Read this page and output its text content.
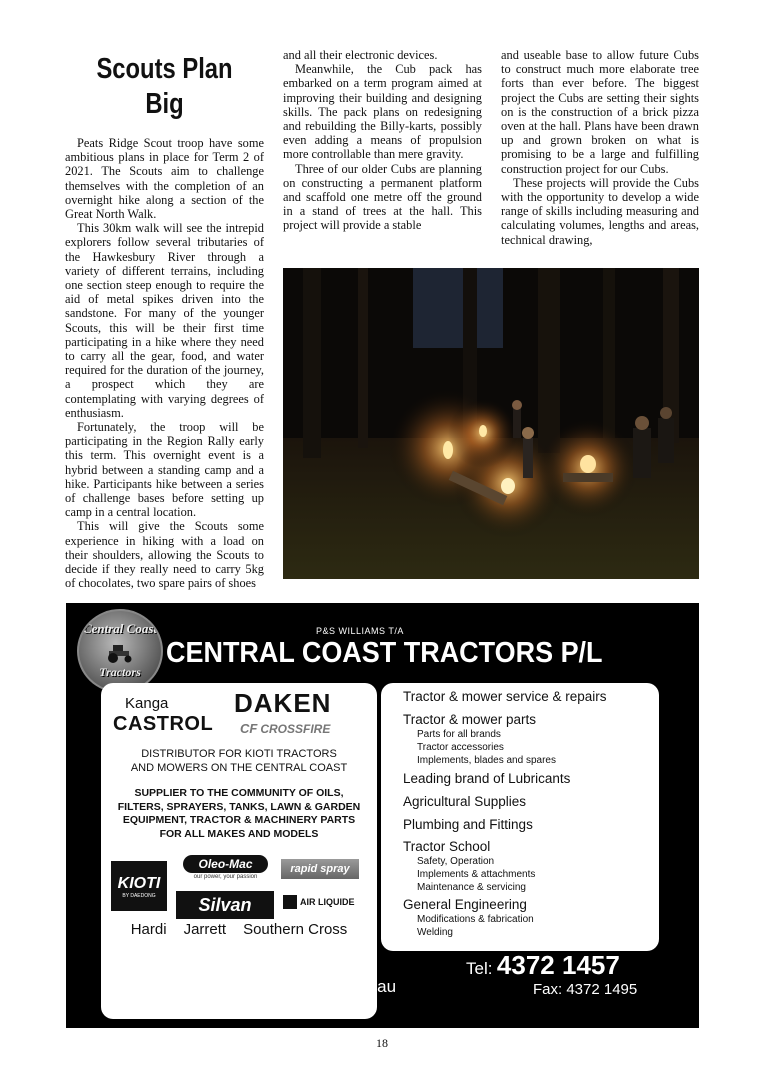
Scouts Plan
Big

Peats Ridge Scout troop have some ambitious plans in place for Term 2 of 2021. The Scouts aim to challenge themselves with the completion of an overnight hike along a section of the Great North Walk.

This 30km walk will see the intrepid explorers follow several tributaries of the Hawkesbury River through a variety of different terrains, including one section steep enough to require the aid of metal spikes driven into the sandstone. For many of the younger Scouts, this will be their first time participating in a hike where they need to carry all the gear, food, and water required for the duration of the journey, a prospect which they are contemplating with varying degrees of enthusiasm.

Fortunately, the troop will be participating in the Region Rally early this term. This overnight event is a hybrid between a standing camp and a hike. Participants hike between a series of challenge bases before setting up camp in a central location.

This will give the Scouts some experience in hiking with a load on their shoulders, allowing the Scouts to decide if they really need to carry 5kg of chocolates, two spare pairs of shoes

and all their electronic devices.

Meanwhile, the Cub pack has embarked on a term program aimed at improving their building and designing skills. The pack plans on redesigning and rebuilding the Billy-karts, possibly even adding a means of propulsion more controllable than mere gravity.

Three of our older Cubs are planning on constructing a permanent platform and scaffold one metre off the ground in a stand of trees at the hall. This project will provide a stable

and useable base to allow future Cubs to construct much more elaborate tree forts than ever before. The biggest project the Cubs are setting their sights on is the construction of a brick pizza oven at the hall. Plans have been drawn up and grown broken on what is promising to be a large and fulfilling construction project for our Cubs.

These projects will provide the Cubs with the opportunity to develop a wide range of skills including measuring and calculating volumes, lengths and areas, technical drawing,

Central Coast
Tractors
P&S WILLIAMS T/A
CENTRAL COAST TRACTORS P/L
Kanga
CASTROL
DAKEN
CF CROSSFIRE
DISTRIBUTOR FOR KIOTI TRACTORS
AND MOWERS ON THE CENTRAL COAST
SUPPLIER TO THE COMMUNITY OF OILS,
FILTERS, SPRAYERS, TANKS, LAWN & GARDEN
EQUIPMENT, TRACTOR & MACHINERY PARTS
FOR ALL MAKES AND MODELS
KIOTI
BY DAEDONG
Oleo-Mac
our power, your passion
rapid spray
Silvan	AIR LIQUIDE
Hardi Jarrett Southern Cross

Tractor & mower service & repairs

Tractor & mower parts

Parts for all brands

Tractor accessories

Implements, blades and spares

Leading brand of Lubricants

Agricultural Supplies

Plumbing and Fittings

Tractor School

Safety, Operation

Implements & attachments

Maintenance & servicing

General Engineering

Modifications & fabrication

Welding

www.centralcoasttractors.com.au
enquiries@centralcoasttractors.com.au
Tel: 4372 1457
Fax: 4372 1495
18
